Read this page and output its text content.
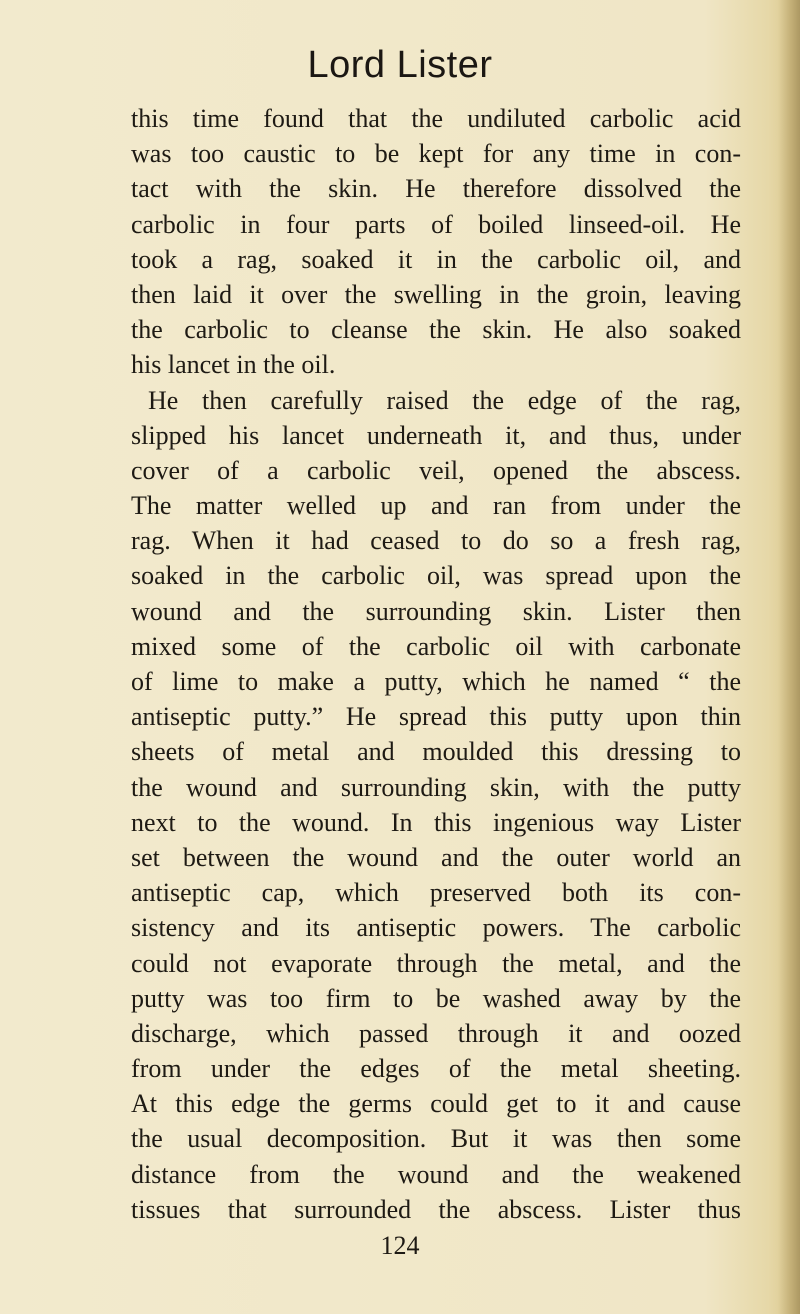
Lord Lister
this time found that the undiluted carbolic acid
was too caustic to be kept for any time in con-
tact with the skin. He therefore dissolved the
carbolic in four parts of boiled linseed-oil. He
took a rag, soaked it in the carbolic oil, and
then laid it over the swelling in the groin, leaving
the carbolic to cleanse the skin. He also soaked
his lancet in the oil.
He then carefully raised the edge of the rag,
slipped his lancet underneath it, and thus, under
cover of a carbolic veil, opened the abscess.
The matter welled up and ran from under the
rag. When it had ceased to do so a fresh rag,
soaked in the carbolic oil, was spread upon the
wound and the surrounding skin. Lister then
mixed some of the carbolic oil with carbonate
of lime to make a putty, which he named “ the
antiseptic putty.” He spread this putty upon thin
sheets of metal and moulded this dressing to
the wound and surrounding skin, with the putty
next to the wound. In this ingenious way Lister
set between the wound and the outer world an
antiseptic cap, which preserved both its con-
sistency and its antiseptic powers. The carbolic
could not evaporate through the metal, and the
putty was too firm to be washed away by the
discharge, which passed through it and oozed
from under the edges of the metal sheeting.
At this edge the germs could get to it and cause
the usual decomposition. But it was then some
distance from the wound and the weakened
tissues that surrounded the abscess. Lister thus
124
